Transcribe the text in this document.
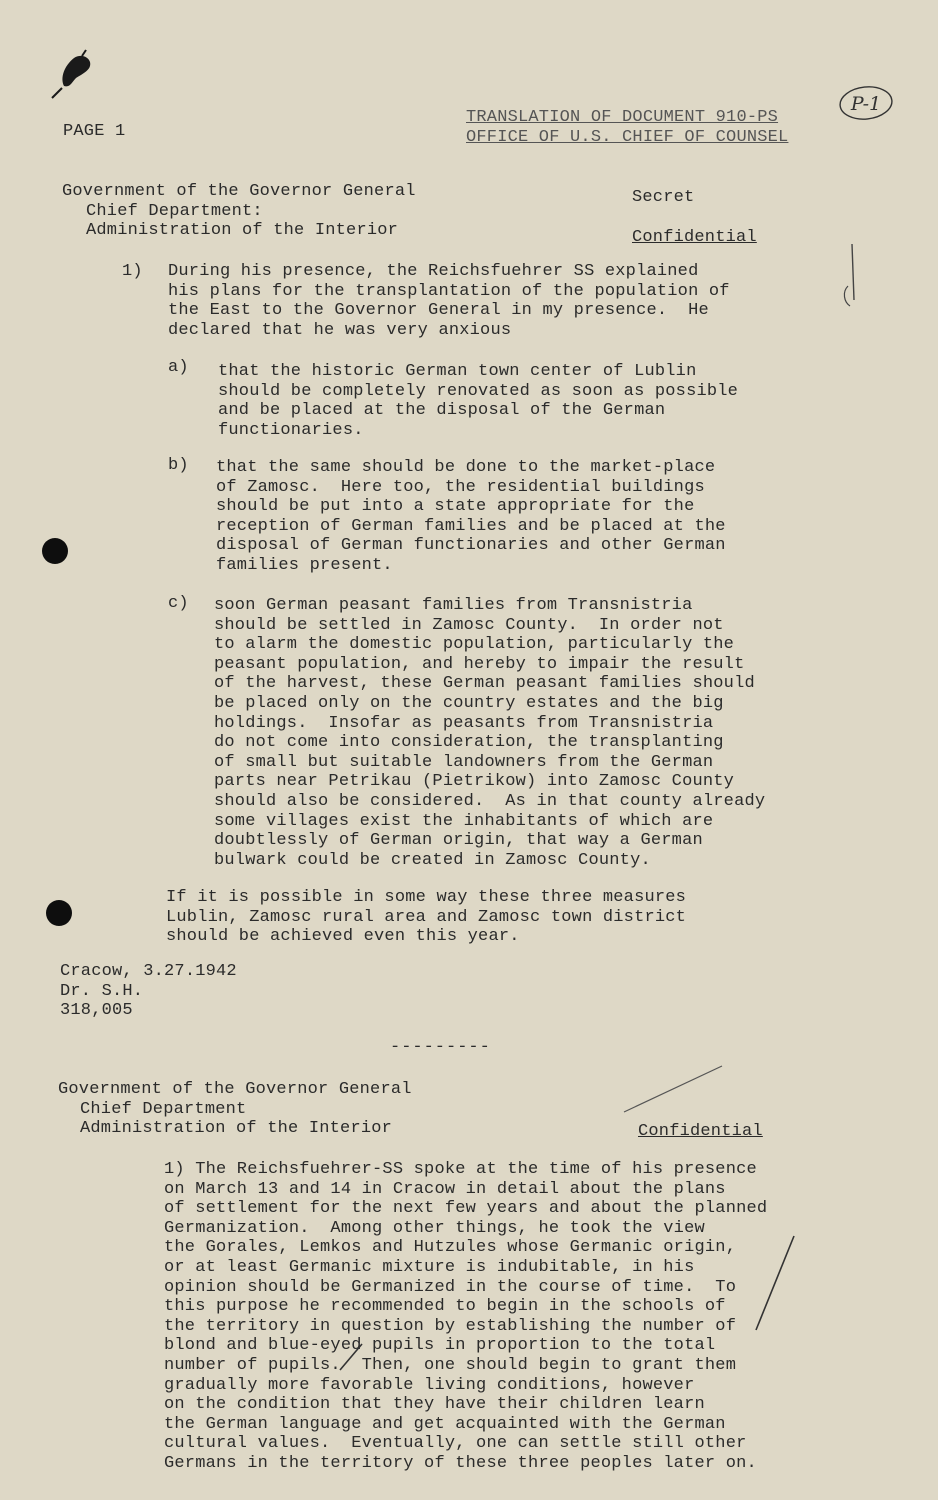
PAGE 1
TRANSLATION OF DOCUMENT 910-PS
OFFICE OF U.S. CHIEF OF COUNSEL
P-1
Government of the Governor General
Chief Department:
Administration of the Interior
Secret
Confidential
1) During his presence, the Reichsfuehrer SS explained
his plans for the transplantation of the population of
the East to the Governor General in my presence.  He
declared that he was very anxious
a) that the historic German town center of Lublin
should be completely renovated as soon as possible
and be placed at the disposal of the German
functionaries.
b) that the same should be done to the market-place
of Zamosc.  Here too, the residential buildings
should be put into a state appropriate for the
reception of German families and be placed at the
disposal of German functionaries and other German
families present.
c) soon German peasant families from Transnistria
should be settled in Zamosc County.  In order not
to alarm the domestic population, particularly the
peasant population, and hereby to impair the result
of the harvest, these German peasant families should
be placed only on the country estates and the big
holdings.  Insofar as peasants from Transnistria
do not come into consideration, the transplanting
of small but suitable landowners from the German
parts near Petrikau (Pietrikow) into Zamosc County
should also be considered.  As in that county already
some villages exist the inhabitants of which are
doubtlessly of German origin, that way a German
bulwark could be created in Zamosc County.
If it is possible in some way these three measures
Lublin, Zamosc rural area and Zamosc town district
should be achieved even this year.
Cracow, 3.27.1942
Dr. S.H.
318,005
---------
Government of the Governor General
Chief Department
Administration of the Interior	Confidential
1) The Reichsfuehrer-SS spoke at the time of his presence
on March 13 and 14 in Cracow in detail about the plans
of settlement for the next few years and about the planned
Germanization.  Among other things, he took the view
the Gorales, Lemkos and Hutzules whose Germanic origin,
or at least Germanic mixture is indubitable, in his
opinion should be Germanized in the course of time.  To
this purpose he recommended to begin in the schools of
the territory in question by establishing the number of
blond and blue-eyed pupils in proportion to the total
number of pupils.  Then, one should begin to grant them
gradually more favorable living conditions, however
on the condition that they have their children learn
the German language and get acquainted with the German
cultural values.  Eventually, one can settle still other
Germans in the territory of these three peoples later on.
